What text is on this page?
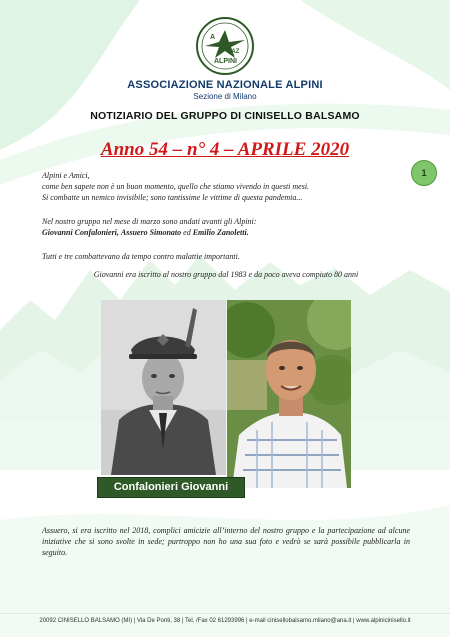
A
NAZ
ALPINI
ASSOCIAZIONE NAZIONALE ALPINI
Sezione di Milano
NOTIZIARIO DEL GRUPPO DI CINISELLO BALSAMO
Anno 54 – n° 4 – APRILE 2020
1
Alpini e Amici,
come ben sapete non è un buon momento, quello che stiamo vivendo in questi mesi.
Si combatte un nemico invisibile; sono tantissime le vittime di questa pandemia...
Nel nostro gruppo nel mese di marzo sono andati avanti gli Alpini:
Giovanni Confalonieri, Assuero Simonato ed Emilio Zanoletti.
Tutti e tre combattevano da tempo contro malattie importanti.
Giovanni era iscritto al nostro gruppo dal 1983 e da poco aveva compiuto 80 anni
Confalonieri Giovanni
Assuero, si era iscritto nel 2018, complici amicizie all’interno del nostro gruppo e la partecipazione ad alcune iniziative che si sono svolte in sede; purtroppo non ho una sua foto e vedrò se sarà possibile pubblicarla in seguito.
20092 CINISELLO BALSAMO (MI) | Via De Ponti, 38 | Tel. /Fax 02 61293996 | e-mail cinisellobalsamo.milano@ana.it | www.alpinicinisello.it
